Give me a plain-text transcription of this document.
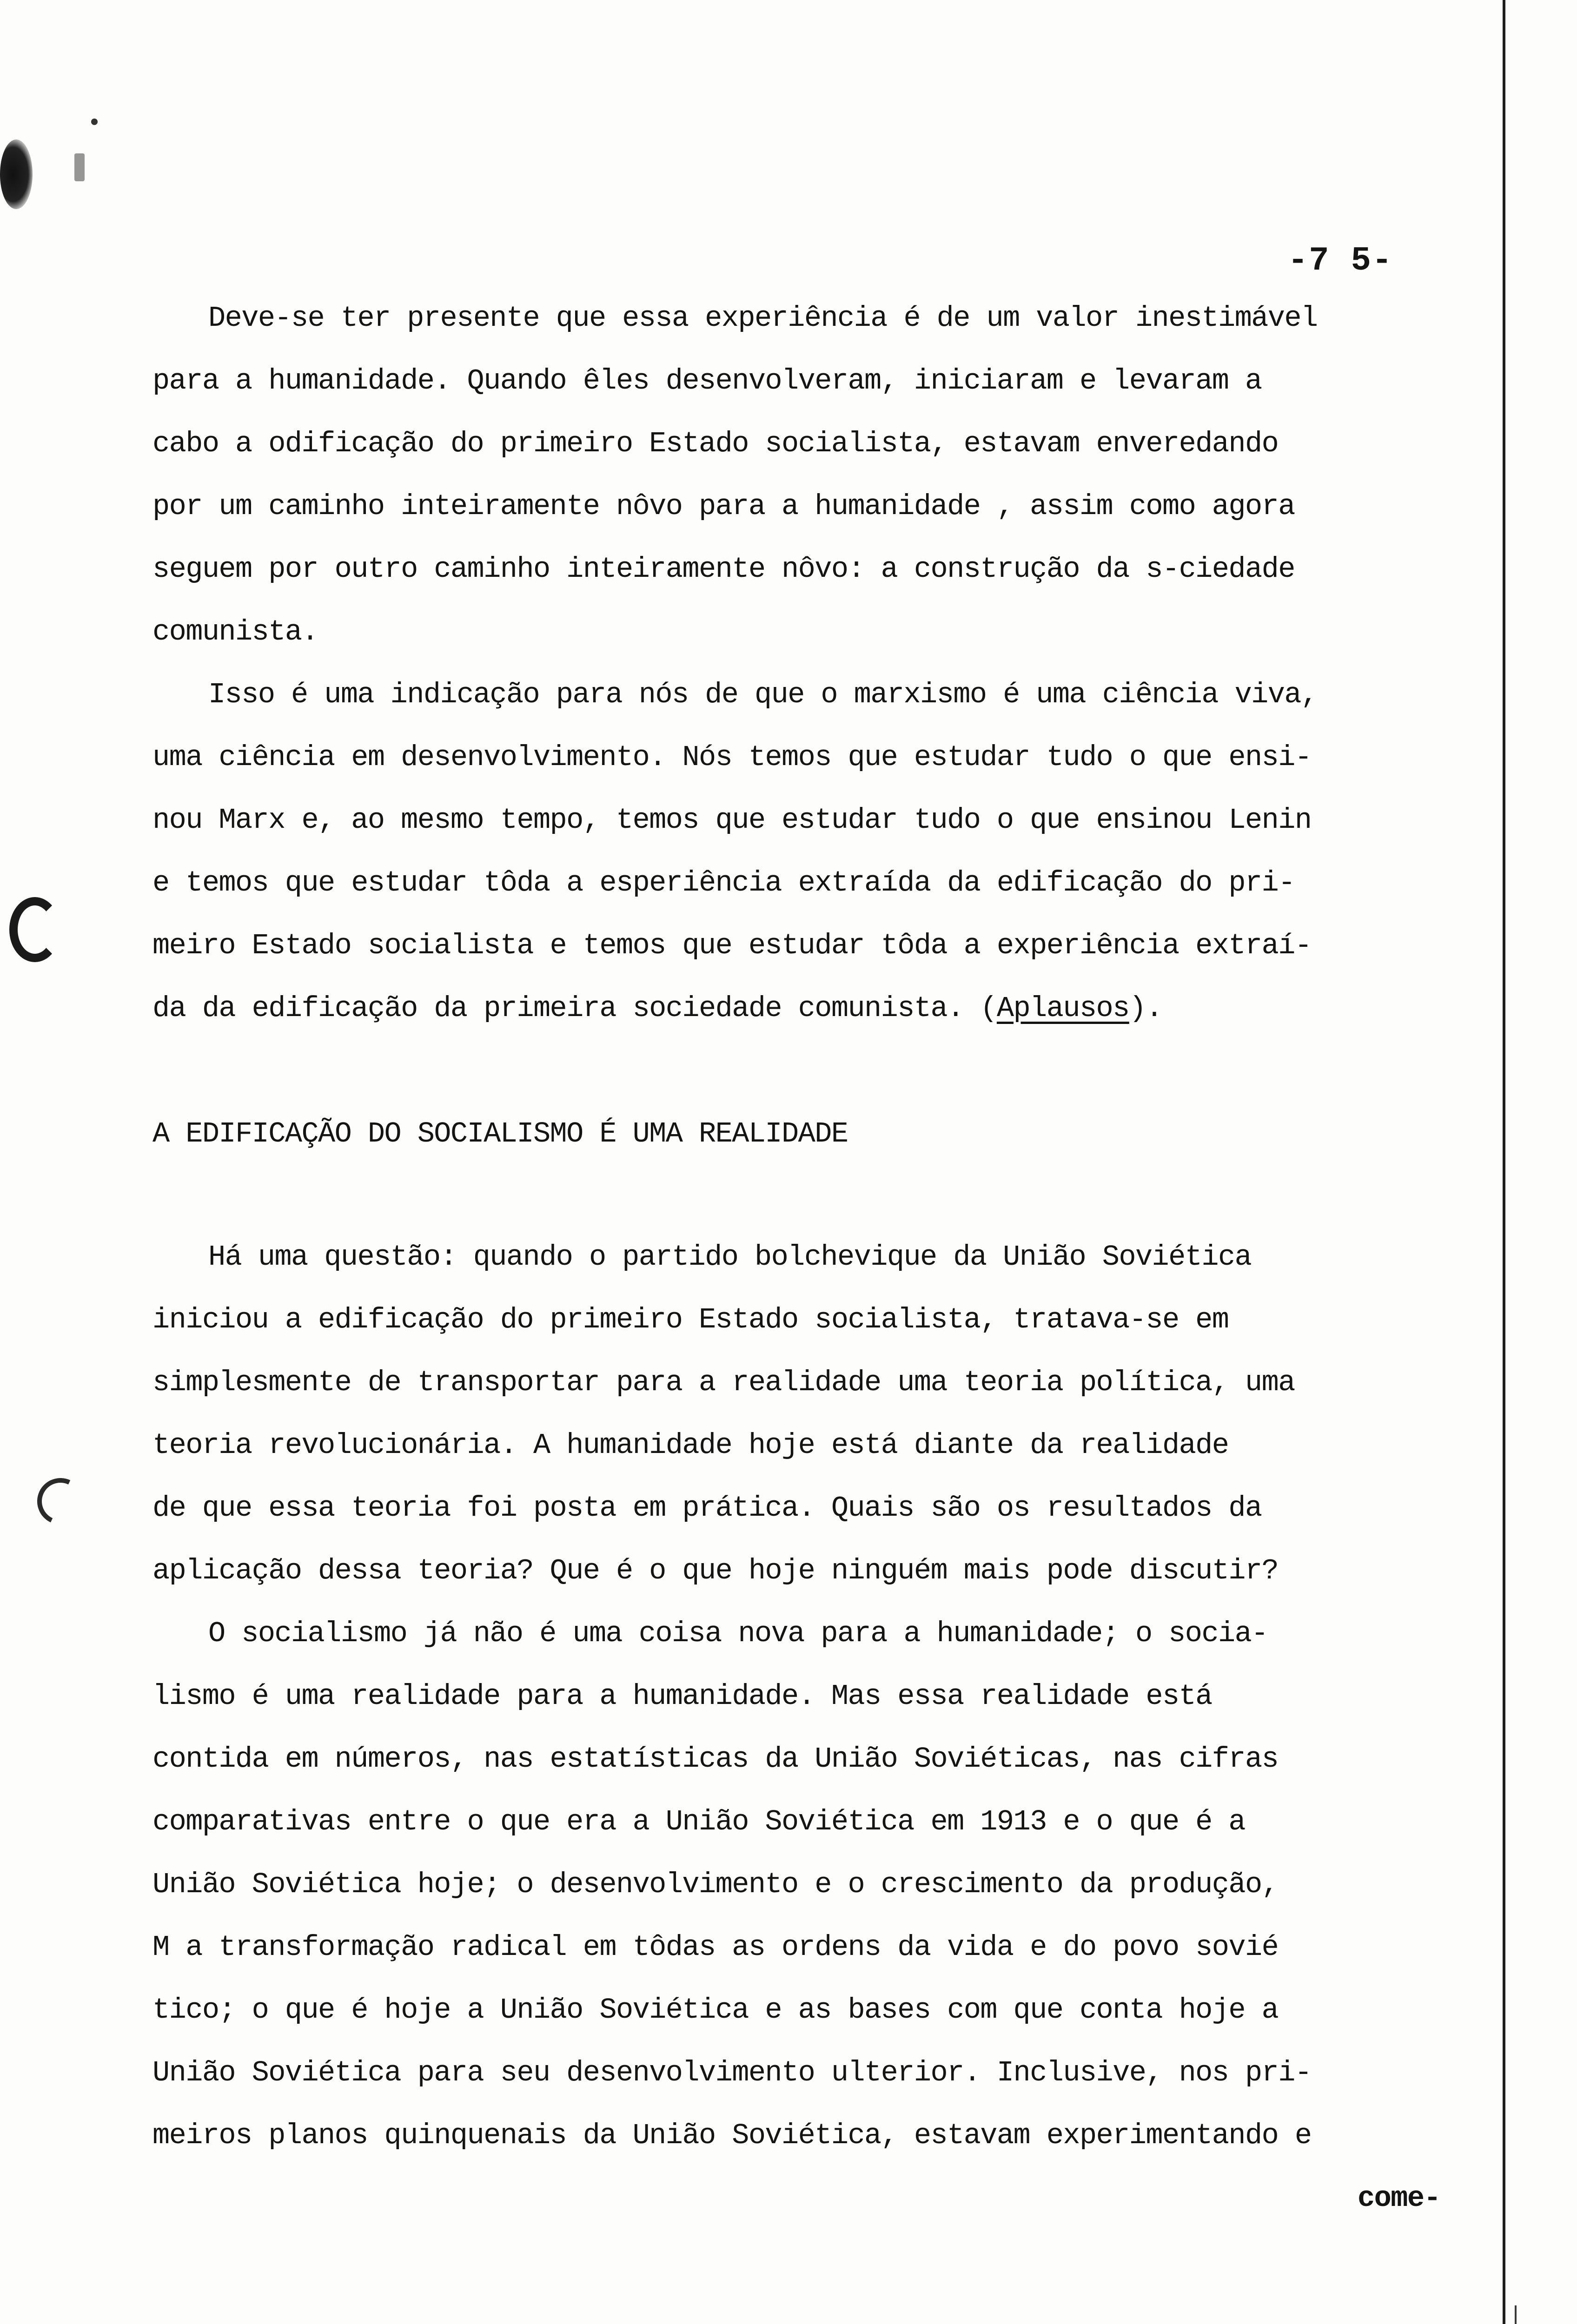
-7 5-
Deve-se ter presente que essa experiência é de um valor inestimável
para a humanidade. Quando êles desenvolveram, iniciaram e levaram a
cabo a odificação do primeiro Estado socialista, estavam enveredando
por um caminho inteiramente nôvo para a humanidade , assim como agora
seguem por outro caminho inteiramente nôvo: a construção da s-ciedade
comunista.
Isso é uma indicação para nós de que o marxismo é uma ciência viva,
uma ciência em desenvolvimento. Nós temos que estudar tudo o que ensi-
nou Marx e, ao mesmo tempo, temos que estudar tudo o que ensinou Lenin
e temos que estudar tôda a esperiência extraída da edificação do pri-
meiro Estado socialista e temos que estudar tôda a experiência extraí-
da da edificação da primeira sociedade comunista. (Aplausos).
A EDIFICAÇÃO DO SOCIALISMO É UMA REALIDADE
Há uma questão: quando o partido bolchevique da União Soviética
iniciou a edificação do primeiro Estado socialista, tratava-se em
simplesmente de transportar para a realidade uma teoria política, uma
teoria revolucionária. A humanidade hoje está diante da realidade
de que essa teoria foi posta em prática. Quais são os resultados da
aplicação dessa teoria? Que é o que hoje ninguém mais pode discutir?
O socialismo já não é uma coisa nova para a humanidade; o socia-
lismo é uma realidade para a humanidade. Mas essa realidade está
contida em números, nas estatísticas da União Soviéticas, nas cifras
comparativas entre o que era a União Soviética em 1913 e o que é a
União Soviética hoje; o desenvolvimento e o crescimento da produção,
M a transformação radical em tôdas as ordens da vida e do povo sovié
tico; o que é hoje a União Soviética e as bases com que conta hoje a
União Soviética para seu desenvolvimento ulterior. Inclusive, nos pri-
meiros planos quinquenais da União Soviética, estavam experimentando e
come-
